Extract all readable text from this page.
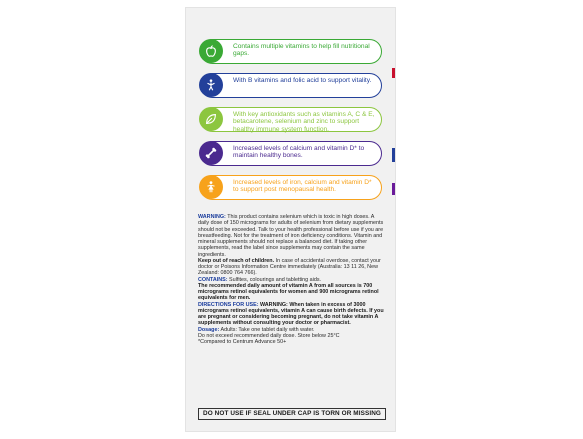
Contains multiple vitamins to help fill nutritional gaps.
With B vitamins and folic acid to support vitality.
With key antioxidants such as vitamins A, C & E, betacarotene, selenium and zinc to support healthy immune system function.
Increased levels of calcium and vitamin D* to maintain healthy bones.
Increased levels of iron, calcium and vitamin D* to support post menopausal health.

WARNING: This product contains selenium which is toxic in high doses. A daily dose of 150 micrograms for adults of selenium from dietary supplements should not be exceeded. Talk to your health professional before use if you are breastfeeding. Not for the treatment of iron deficiency conditions. Vitamin and mineral supplements should not replace a balanced diet. If taking other supplements, read the label since supplements may contain the same ingredients.

Keep out of reach of children. In case of accidental overdose, contact your doctor or Poisons Information Centre immediately (Australia: 13 11 26, New Zealand: 0800 764 766).

CONTAINS: Sulfites, colourings and tabletting aids.

The recommended daily amount of vitamin A from all sources is 700 micrograms retinol equivalents for women and 900 micrograms retinol equivalents for men.

DIRECTIONS FOR USE: WARNING: When taken in excess of 3000 micrograms retinol equivalents, vitamin A can cause birth defects. If you are pregnant or considering becoming pregnant, do not take vitamin A supplements without consulting your doctor or pharmacist.

Dosage: Adults: Take one tablet daily with water.

Do not exceed recommended daily dose. Store below 25°C

*Compared to Centrum Advance 50+

DO NOT USE IF SEAL UNDER CAP IS TORN OR MISSING
